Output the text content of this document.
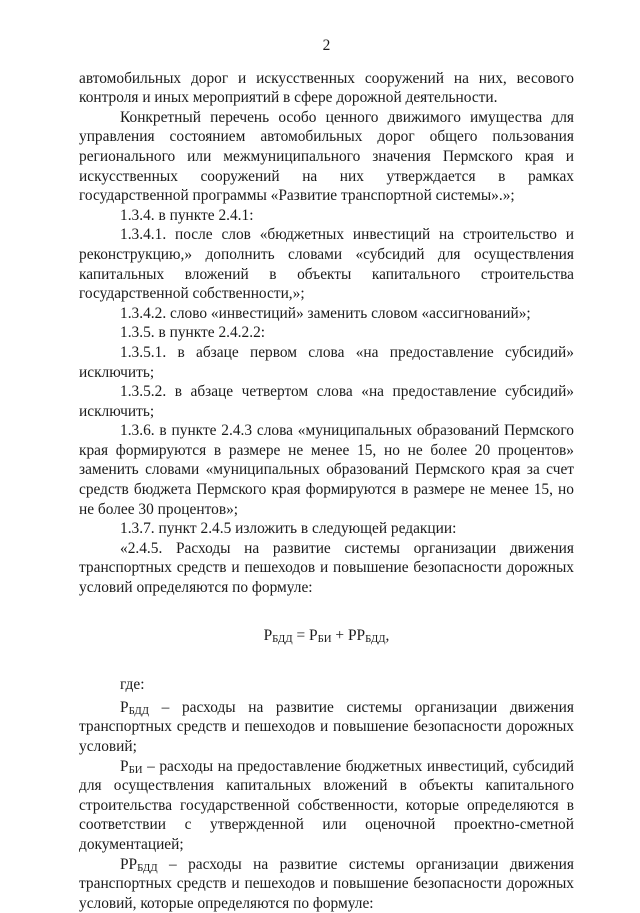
2

автомобильных дорог и искусственных сооружений на них, весового контроля и иных мероприятий в сфере дорожной деятельности.

Конкретный перечень особо ценного движимого имущества для управления состоянием автомобильных дорог общего пользования регионального или межмуниципального значения Пермского края и искусственных сооружений на них утверждается в рамках государственной программы «Развитие транспортной системы».»;

1.3.4. в пункте 2.4.1:

1.3.4.1. после слов «бюджетных инвестиций на строительство и реконструкцию,» дополнить словами «субсидий для осуществления капитальных вложений в объекты капитального строительства государственной собственности,»;

1.3.4.2. слово «инвестиций» заменить словом «ассигнований»;

1.3.5. в пункте 2.4.2.2:

1.3.5.1. в абзаце первом слова «на предоставление субсидий» исключить;

1.3.5.2. в абзаце четвертом слова «на предоставление субсидий» исключить;

1.3.6. в пункте 2.4.3 слова «муниципальных образований Пермского края формируются в размере не менее 15, но не более 20 процентов» заменить словами «муниципальных образований Пермского края за счет средств бюджета Пермского края формируются в размере не менее 15, но не более 30 процентов»;

1.3.7. пункт 2.4.5 изложить в следующей редакции:

«2.4.5. Расходы на развитие системы организации движения транспортных средств и пешеходов и повышение безопасности дорожных условий определяются по формуле:

$Р_{БДД} = Р_{БИ} + РР_{БДД}$,

где:

$Р_{БДД}$ – расходы на развитие системы организации движения транспортных средств и пешеходов и повышение безопасности дорожных условий;

$Р_{БИ}$ – расходы на предоставление бюджетных инвестиций, субсидий для осуществления капитальных вложений в объекты капитального строительства государственной собственности, которые определяются в соответствии с утвержденной или оценочной проектно-сметной документацией;

$РР_{БДД}$ – расходы на развитие системы организации движения транспортных средств и пешеходов и повышение безопасности дорожных условий, которые определяются по формуле:
